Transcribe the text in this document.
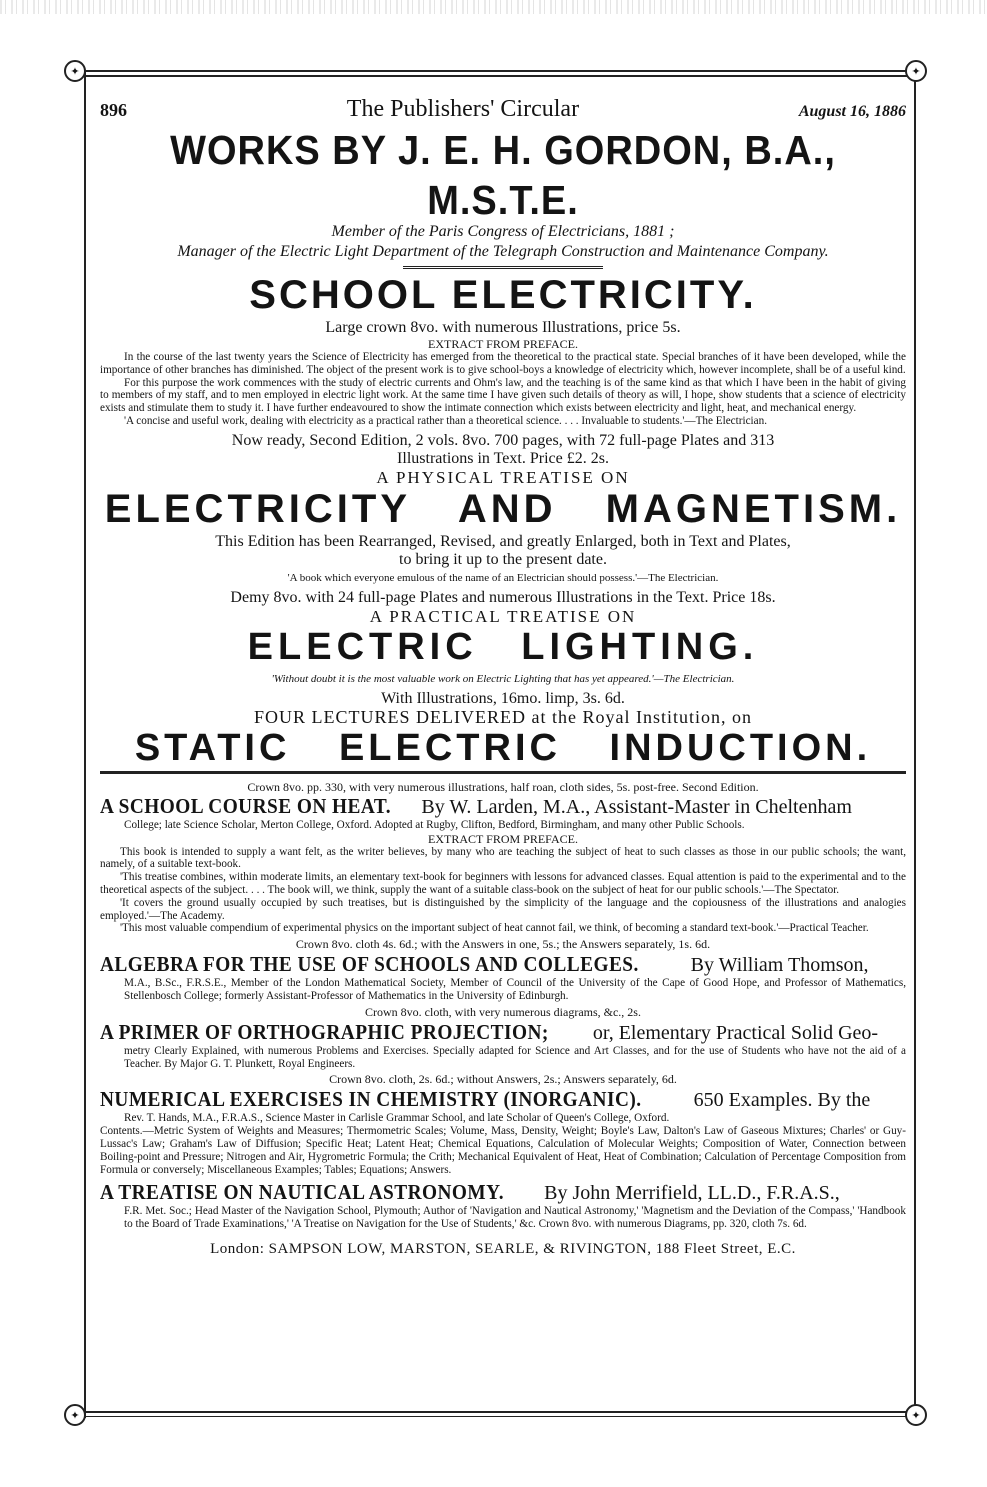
✦
✦
✦
✦
896	The Publishers' Circular	August 16, 1886
WORKS BY J. E. H. GORDON, B.A., M.S.T.E.
Member of the Paris Congress of Electricians, 1881 ;
Manager of the Electric Light Department of the Telegraph Construction and Maintenance Company.
SCHOOL ELECTRICITY.
Large crown 8vo. with numerous Illustrations, price 5s.
EXTRACT FROM PREFACE.
In the course of the last twenty years the Science of Electricity has emerged from the theoretical to the practical state. Special branches of it have been developed, while the importance of other branches has diminished. The object of the present work is to give school-boys a knowledge of electricity which, however incomplete, shall be of a useful kind.
For this purpose the work commences with the study of electric currents and Ohm's law, and the teaching is of the same kind as that which I have been in the habit of giving to members of my staff, and to men employed in electric light work. At the same time I have given such details of theory as will, I hope, show students that a science of electricity exists and stimulate them to study it. I have further endeavoured to show the intimate connection which exists between electricity and light, heat, and mechanical energy.
'A concise and useful work, dealing with electricity as a practical rather than a theoretical science. . . . Invaluable to students.'—The Electrician.
Now ready, Second Edition, 2 vols. 8vo. 700 pages, with 72 full-page Plates and 313
Illustrations in Text. Price £2. 2s.
A PHYSICAL TREATISE ON
ELECTRICITY AND MAGNETISM.
This Edition has been Rearranged, Revised, and greatly Enlarged, both in Text and Plates,
to bring it up to the present date.
'A book which everyone emulous of the name of an Electrician should possess.'—The Electrician.
Demy 8vo. with 24 full-page Plates and numerous Illustrations in the Text. Price 18s.
A PRACTICAL TREATISE ON
ELECTRIC LIGHTING.
'Without doubt it is the most valuable work on Electric Lighting that has yet appeared.'—The Electrician.
With Illustrations, 16mo. limp, 3s. 6d.
FOUR LECTURES DELIVERED at the Royal Institution, on
STATIC ELECTRIC INDUCTION.
Crown 8vo. pp. 330, with very numerous illustrations, half roan, cloth sides, 5s. post-free. Second Edition.
A SCHOOL COURSE ON HEAT. By W. Larden, M.A., Assistant-Master in Cheltenham
College; late Science Scholar, Merton College, Oxford. Adopted at Rugby, Clifton, Bedford, Birmingham, and many other Public Schools.
EXTRACT FROM PREFACE.
This book is intended to supply a want felt, as the writer believes, by many who are teaching the subject of heat to such classes as those in our public schools; the want, namely, of a suitable text-book.
'This treatise combines, within moderate limits, an elementary text-book for beginners with lessons for advanced classes. Equal attention is paid to the experimental and to the theoretical aspects of the subject. . . . The book will, we think, supply the want of a suitable class-book on the subject of heat for our public schools.'—The Spectator.
'It covers the ground usually occupied by such treatises, but is distinguished by the simplicity of the language and the copiousness of the illustrations and analogies employed.'—The Academy.
'This most valuable compendium of experimental physics on the important subject of heat cannot fail, we think, of becoming a standard text-book.'—Practical Teacher.
Crown 8vo. cloth 4s. 6d.; with the Answers in one, 5s.; the Answers separately, 1s. 6d.
ALGEBRA FOR THE USE OF SCHOOLS AND COLLEGES.	By William Thomson,
M.A., B.Sc., F.R.S.E., Member of the London Mathematical Society, Member of Council of the University of the Cape of Good Hope, and Professor of Mathematics, Stellenbosch College; formerly Assistant-Professor of Mathematics in the University of Edinburgh.
Crown 8vo. cloth, with very numerous diagrams, &c., 2s.
A PRIMER OF ORTHOGRAPHIC PROJECTION; or, Elementary Practical Solid Geo-
metry Clearly Explained, with numerous Problems and Exercises. Specially adapted for Science and Art Classes, and for the use of Students who have not the aid of a Teacher. By Major G. T. Plunkett, Royal Engineers.
Crown 8vo. cloth, 2s. 6d.; without Answers, 2s.; Answers separately, 6d.
NUMERICAL EXERCISES IN CHEMISTRY (INORGANIC).	650 Examples. By the
Rev. T. Hands, M.A., F.R.A.S., Science Master in Carlisle Grammar School, and late Scholar of Queen's College, Oxford.
Contents.—Metric System of Weights and Measures; Thermometric Scales; Volume, Mass, Density, Weight; Boyle's Law, Dalton's Law of Gaseous Mixtures; Charles' or Guy-Lussac's Law; Graham's Law of Diffusion; Specific Heat; Latent Heat; Chemical Equations, Calculation of Molecular Weights; Composition of Water, Connection between Boiling-point and Pressure; Nitrogen and Air, Hygrometric Formula; the Crith; Mechanical Equivalent of Heat, Heat of Combination; Calculation of Percentage Composition from Formula or conversely; Miscellaneous Examples; Tables; Equations; Answers.
A TREATISE ON NAUTICAL ASTRONOMY. By John Merrifield, LL.D., F.R.A.S.,
F.R. Met. Soc.; Head Master of the Navigation School, Plymouth; Author of 'Navigation and Nautical Astronomy,' 'Magnetism and the Deviation of the Compass,' 'Handbook to the Board of Trade Examinations,' 'A Treatise on Navigation for the Use of Students,' &c. Crown 8vo. with numerous Diagrams, pp. 320, cloth 7s. 6d.
London: SAMPSON LOW, MARSTON, SEARLE, & RIVINGTON, 188 Fleet Street, E.C.
